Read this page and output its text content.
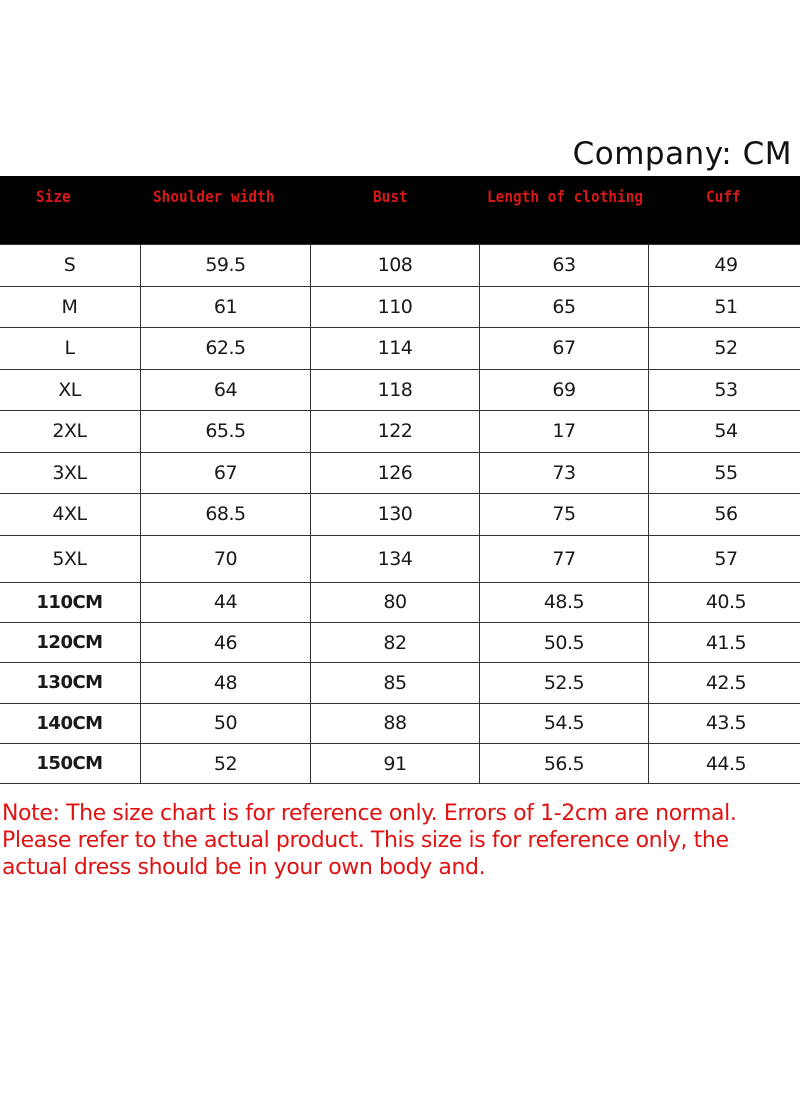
Company: CM
Size	Shoulder width	Bust	Length of clothing	Cuff
S	59.5	108	63	49
M	61	110	65	51
L	62.5	114	67	52
XL	64	118	69	53
2XL	65.5	122	17	54
3XL	67	126	73	55
4XL	68.5	130	75	56
5XL	70	134	77	57
110CM	44	80	48.5	40.5
120CM	46	82	50.5	41.5
130CM	48	85	52.5	42.5
140CM	50	88	54.5	43.5
150CM	52	91	56.5	44.5
Note: The size chart is for reference only. Errors of 1-2cm are normal.
Please refer to the actual product. This size is for reference only, the
actual dress should be in your own body and.
